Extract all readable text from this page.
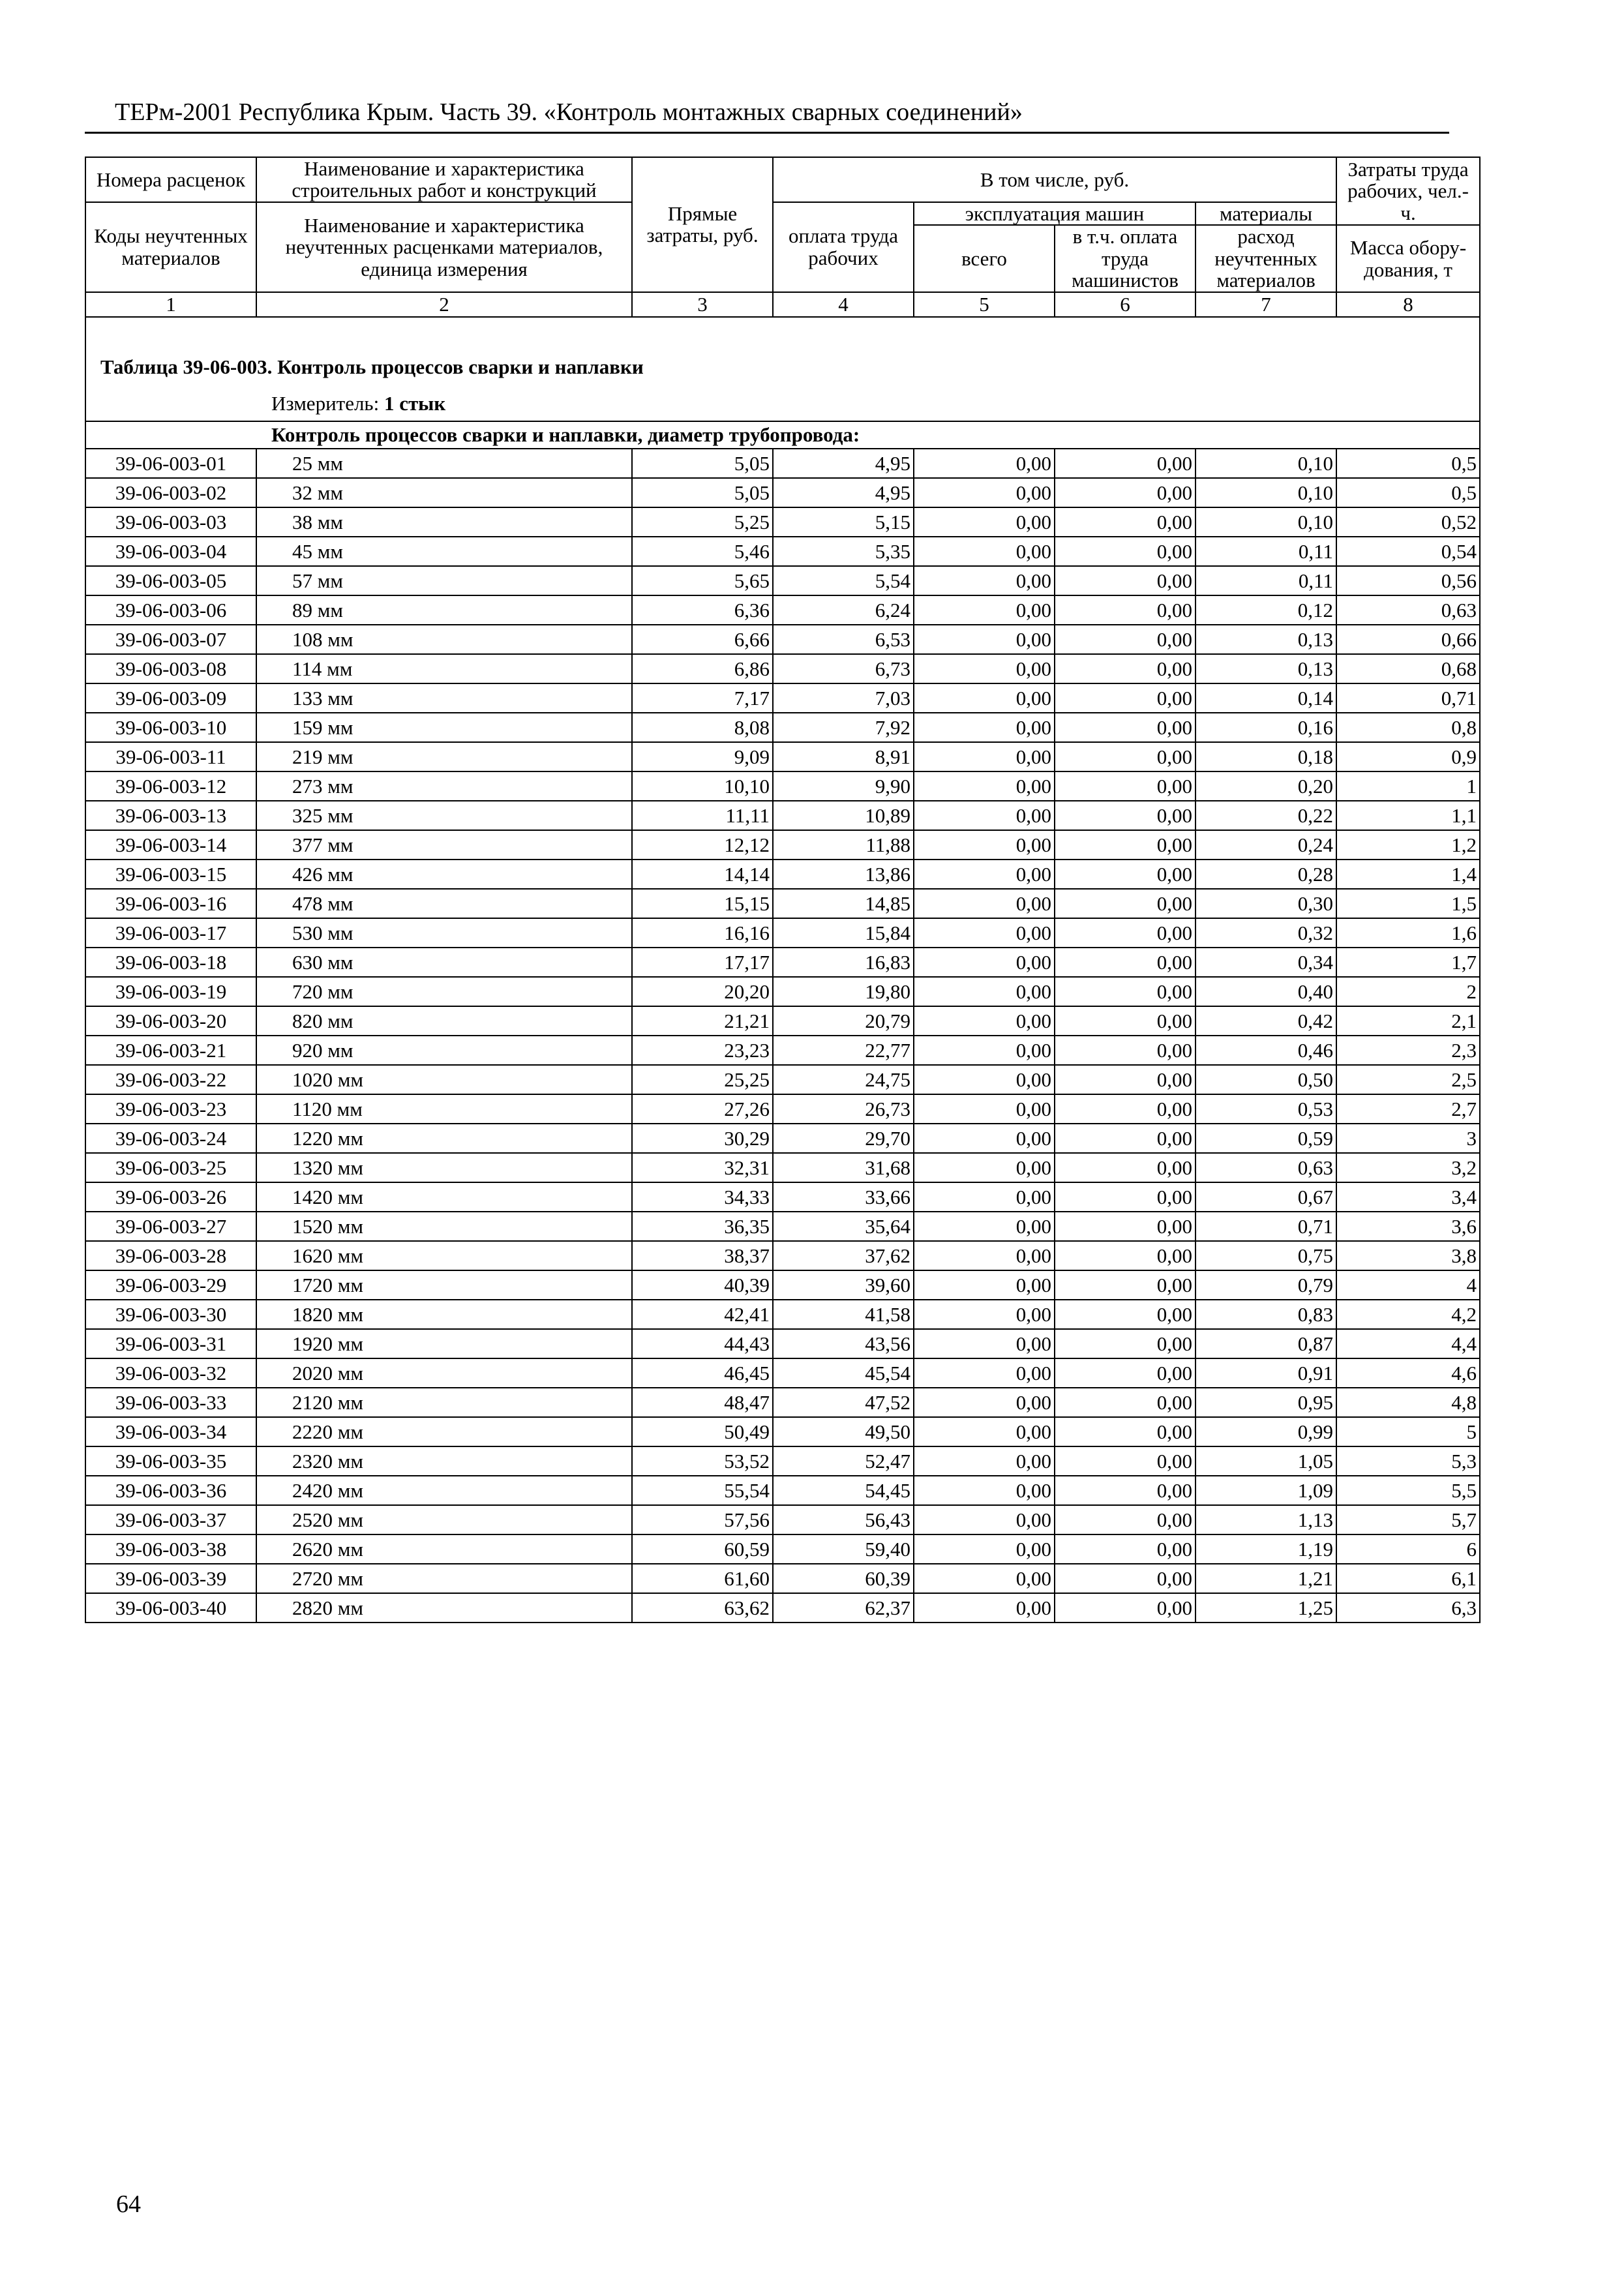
ТЕРм-2001 Республика Крым. Часть 39. «Контроль монтажных сварных соединений»
Номера расценок	Наименование и характеристика строительных работ и конструкций	Прямые затраты, руб.	В том числе, руб.				Затраты труда рабочих, чел.-ч.
Коды неучтенных материалов	Наименование и характеристика неучтенных расценками материалов, единица измерения		оплата труда рабочих	эксплуатация машин		материалы	
				всего	в т.ч. оплата труда машинистов	расход неучтенных материалов	
							Масса обору-дования, т
1	2	3	4	5	6	7	8
Таблица 39-06-003. Контроль процессов сварки и наплавки							
Измеритель: 1 стык							
Контроль процессов сварки и наплавки, диаметр трубопровода:							
39-06-003-01	25 мм	5,05	4,95	0,00	0,00	0,10	0,5
39-06-003-02	32 мм	5,05	4,95	0,00	0,00	0,10	0,5
39-06-003-03	38 мм	5,25	5,15	0,00	0,00	0,10	0,52
39-06-003-04	45 мм	5,46	5,35	0,00	0,00	0,11	0,54
39-06-003-05	57 мм	5,65	5,54	0,00	0,00	0,11	0,56
39-06-003-06	89 мм	6,36	6,24	0,00	0,00	0,12	0,63
39-06-003-07	108 мм	6,66	6,53	0,00	0,00	0,13	0,66
39-06-003-08	114 мм	6,86	6,73	0,00	0,00	0,13	0,68
39-06-003-09	133 мм	7,17	7,03	0,00	0,00	0,14	0,71
39-06-003-10	159 мм	8,08	7,92	0,00	0,00	0,16	0,8
39-06-003-11	219 мм	9,09	8,91	0,00	0,00	0,18	0,9
39-06-003-12	273 мм	10,10	9,90	0,00	0,00	0,20	1
39-06-003-13	325 мм	11,11	10,89	0,00	0,00	0,22	1,1
39-06-003-14	377 мм	12,12	11,88	0,00	0,00	0,24	1,2
39-06-003-15	426 мм	14,14	13,86	0,00	0,00	0,28	1,4
39-06-003-16	478 мм	15,15	14,85	0,00	0,00	0,30	1,5
39-06-003-17	530 мм	16,16	15,84	0,00	0,00	0,32	1,6
39-06-003-18	630 мм	17,17	16,83	0,00	0,00	0,34	1,7
39-06-003-19	720 мм	20,20	19,80	0,00	0,00	0,40	2
39-06-003-20	820 мм	21,21	20,79	0,00	0,00	0,42	2,1
39-06-003-21	920 мм	23,23	22,77	0,00	0,00	0,46	2,3
39-06-003-22	1020 мм	25,25	24,75	0,00	0,00	0,50	2,5
39-06-003-23	1120 мм	27,26	26,73	0,00	0,00	0,53	2,7
39-06-003-24	1220 мм	30,29	29,70	0,00	0,00	0,59	3
39-06-003-25	1320 мм	32,31	31,68	0,00	0,00	0,63	3,2
39-06-003-26	1420 мм	34,33	33,66	0,00	0,00	0,67	3,4
39-06-003-27	1520 мм	36,35	35,64	0,00	0,00	0,71	3,6
39-06-003-28	1620 мм	38,37	37,62	0,00	0,00	0,75	3,8
39-06-003-29	1720 мм	40,39	39,60	0,00	0,00	0,79	4
39-06-003-30	1820 мм	42,41	41,58	0,00	0,00	0,83	4,2
39-06-003-31	1920 мм	44,43	43,56	0,00	0,00	0,87	4,4
39-06-003-32	2020 мм	46,45	45,54	0,00	0,00	0,91	4,6
39-06-003-33	2120 мм	48,47	47,52	0,00	0,00	0,95	4,8
39-06-003-34	2220 мм	50,49	49,50	0,00	0,00	0,99	5
39-06-003-35	2320 мм	53,52	52,47	0,00	0,00	1,05	5,3
39-06-003-36	2420 мм	55,54	54,45	0,00	0,00	1,09	5,5
39-06-003-37	2520 мм	57,56	56,43	0,00	0,00	1,13	5,7
39-06-003-38	2620 мм	60,59	59,40	0,00	0,00	1,19	6
39-06-003-39	2720 мм	61,60	60,39	0,00	0,00	1,21	6,1
39-06-003-40	2820 мм	63,62	62,37	0,00	0,00	1,25	6,3
64
